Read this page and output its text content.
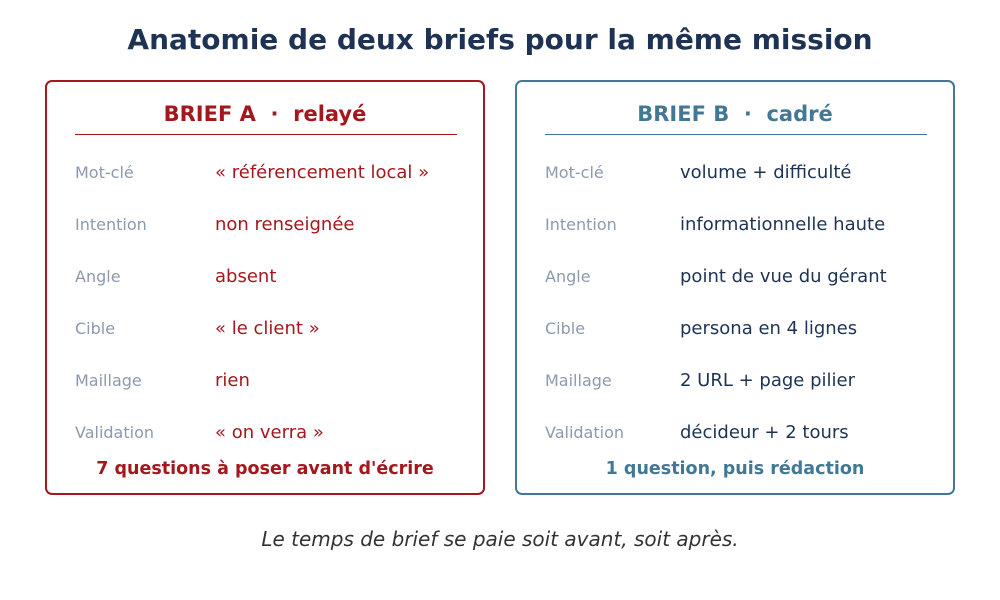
Anatomie de deux briefs pour la même mission
BRIEF A  ·  relayé
Mot-clé	« référencement local »
Intention	non renseignée
Angle	absent
Cible	« le client »
Maillage	rien
Validation	« on verra »
7 questions à poser avant d'écrire
BRIEF B  ·  cadré
Mot-clé	volume + difficulté
Intention	informationnelle haute
Angle	point de vue du gérant
Cible	persona en 4 lignes
Maillage	2 URL + page pilier
Validation	décideur + 2 tours
1 question, puis rédaction
Le temps de brief se paie soit avant, soit après.
